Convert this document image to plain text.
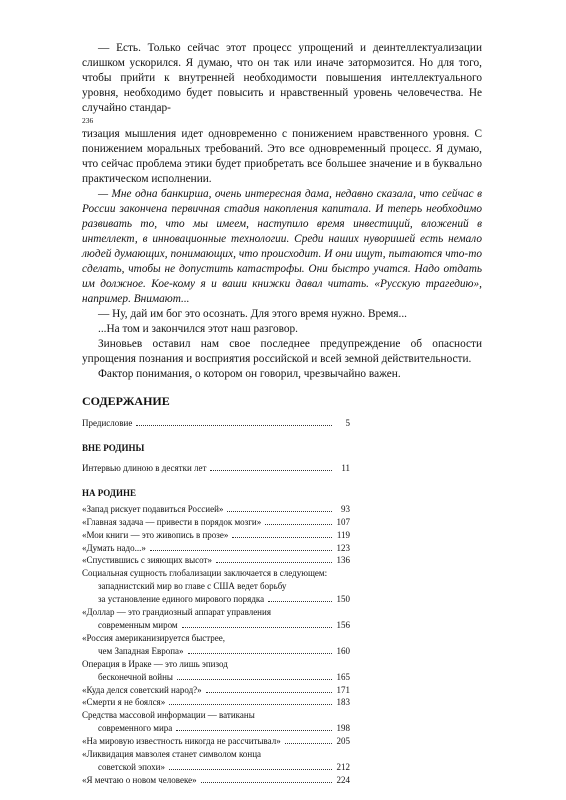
— Есть. Только сейчас этот процесс упрощений и деинтеллектуализации слишком ускорился. Я думаю, что он так или иначе затормозится. Но для того, чтобы прийти к внутренней необходимости повышения интеллектуального уровня, необходимо будет повысить и нравственный уровень человечества. Не случайно стандар-

236

тизация мышления идет одновременно с понижением нравственного уровня. С понижением моральных требований. Это все одновременный процесс. Я думаю, что сейчас проблема этики будет приобретать все большее значение и в буквально практическом исполнении.

— Мне одна банкирша, очень интересная дама, недавно сказала, что сейчас в России закончена первичная стадия накопления капитала. И теперь необходимо развивать то, что мы имеем, наступило время инвестиций, вложений в интеллект, в инновационные технологии. Среди наших нуворишей есть немало людей думающих, понимающих, что происходит. И они ищут, пытаются что-то сделать, чтобы не допустить катастрофы. Они быстро учатся. Надо отдать им должное. Кое-кому я и ваши книжки давал читать. «Русскую трагедию», например. Внимают...

— Ну, дай им бог это осознать. Для этого время нужно. Время...

...На том и закончился этот наш разговор.

Зиновьев оставил нам свое последнее предупреждение об опасности упрощения познания и восприятия российской и всей земной действительности.

Фактор понимания, о котором он говорил, чрезвычайно важен.

СОДЕРЖАНИЕ

Предисловие	5

ВНЕ РОДИНЫ

Интервью длиною в десятки лет	11

НА РОДИНЕ

«Запад рискует подавиться Россией»	93
«Главная задача — привести в порядок мозги»	107
«Мои книги — это живопись в прозе»	119
«Думать надо...»	123
«Спустившись с зияющих высот»	136
Социальная сущность глобализации заключается в следующем:
западнистский мир во главе с США ведет борьбу
за установление единого мирового порядка	150
«Доллар — это грандиозный аппарат управления
современным миром	156
«Россия американизируется быстрее,
чем Западная Европа»	160
Операция в Ираке — это лишь эпизод
бесконечной войны	165
«Куда делся советский народ?»	171
«Смерти я не боялся»	183
Средства массовой информации — ватиканы
современного мира	198
«На мировую известность никогда не рассчитывал»	205
«Ликвидация мавзолея станет символом конца
советской эпохи»	212
«Я мечтаю о новом человеке»	224
